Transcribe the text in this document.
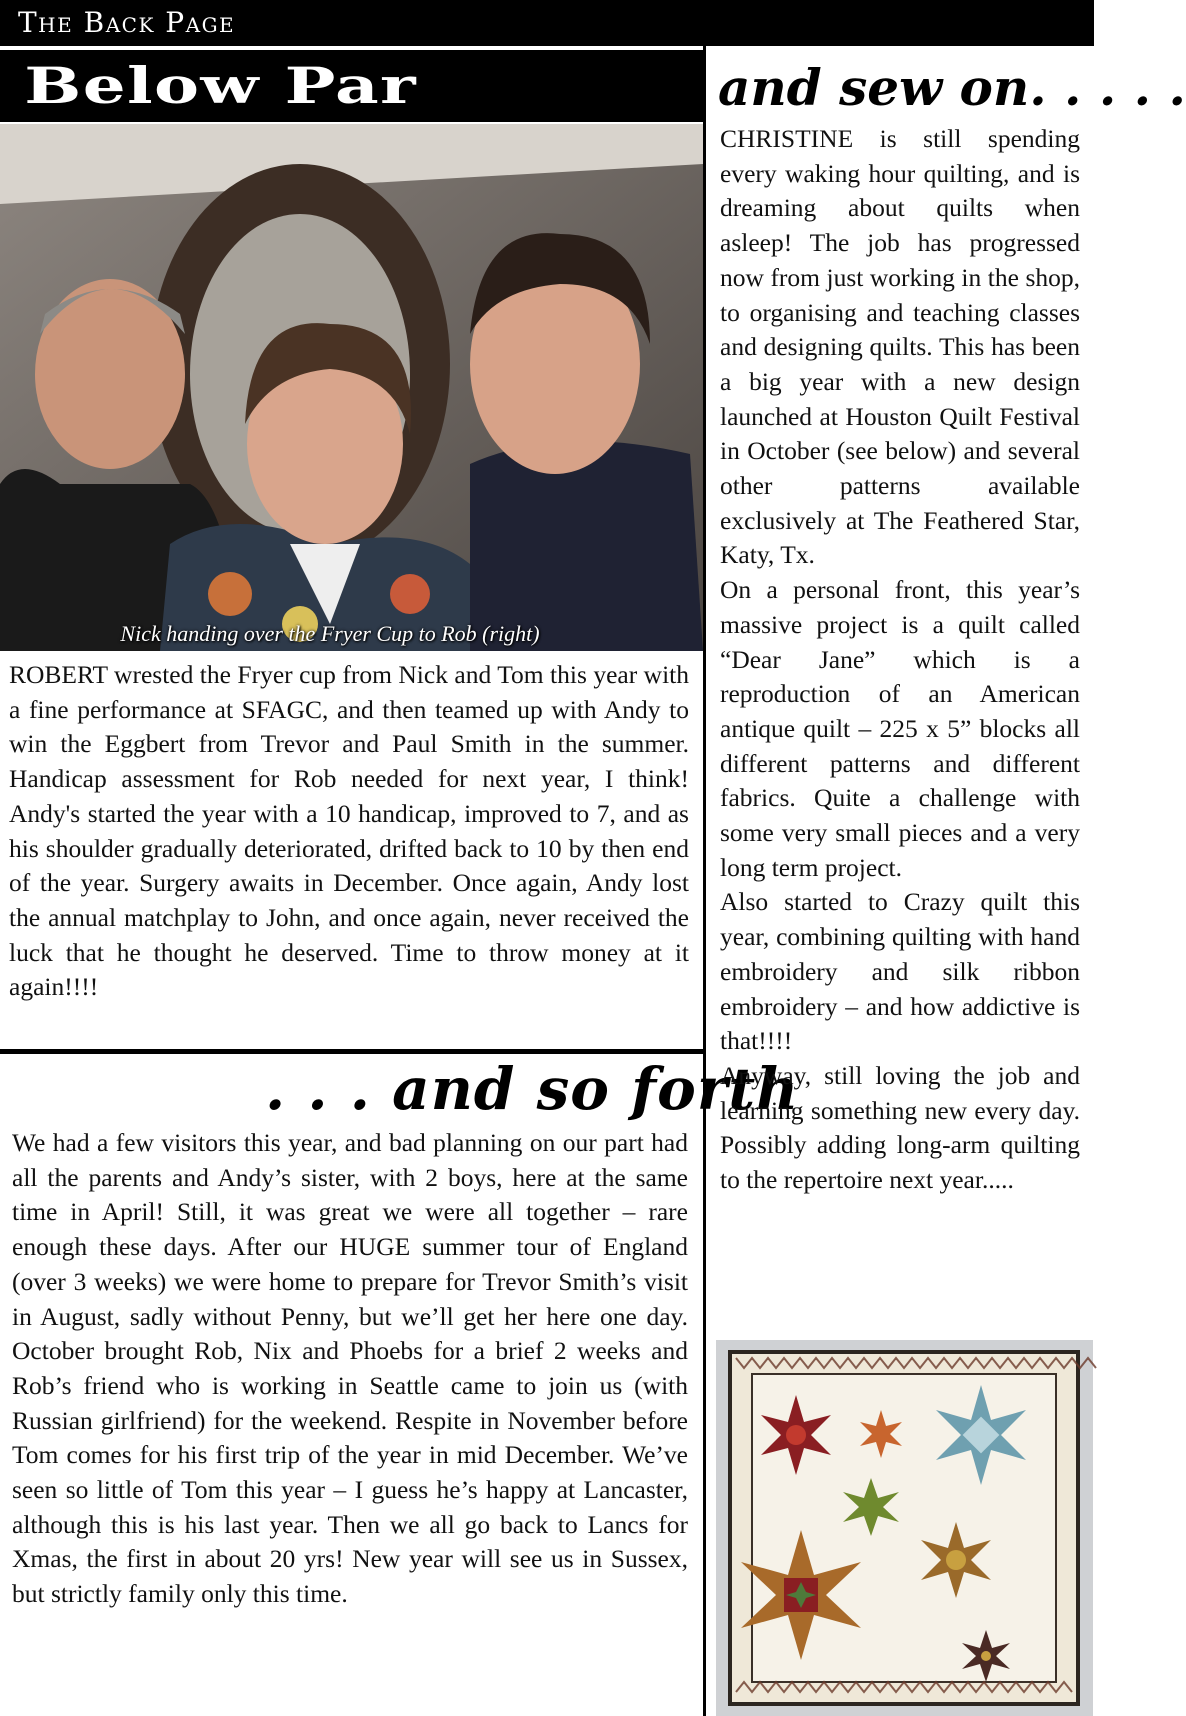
The Back Page
Below Par
Nick handing over the Fryer Cup to Rob (right)

ROBERT wrested the Fryer cup from Nick and Tom this year with a fine performance at SFAGC, and then teamed up with Andy to win the Eggbert from Trevor and Paul Smith in the summer. Handicap assessment for Rob needed for next year, I think! Andy's started the year with a 10 handicap, improved to 7, and as his shoulder gradually deteriorated, drifted back to 10 by then end of the year. Surgery awaits in December. Once again, Andy lost the annual matchplay to John, and once again, never received the luck that he thought he deserved. Time to throw money at it again!!!!

. . . and so forth

We had a few visitors this year, and bad planning on our part had all the parents and Andy’s sister, with 2 boys, here at the same time in April! Still, it was great we were all together – rare enough these days. After our HUGE summer tour of England (over 3 weeks) we were home to prepare for Trevor Smith’s visit in August, sadly without Penny, but we’ll get her here one day. October brought Rob, Nix and Phoebs for a brief 2 weeks and Rob’s friend who is working in Seattle came to join us (with Russian girlfriend) for the weekend. Respite in November before Tom comes for his first trip of the year in mid December. We’ve seen so little of Tom this year – I guess he’s happy at Lancaster, although this is his last year. Then we all go back to Lancs for Xmas, the first in about 20 yrs! New year will see us in Sussex, but strictly family only this time.

and sew on. . . . .
CHRISTINE is still spending every waking hour quilting, and is dreaming about quilts when asleep! The job has progressed now from just working in the shop, to organising and teaching classes and designing quilts. This has been a big year with a new design launched at Houston Quilt Festival in October (see below) and several other patterns available exclusively at The Feathered Star, Katy, Tx.
On a personal front, this year’s massive project is a quilt called “Dear Jane” which is a reproduction of an American antique quilt – 225 x 5” blocks all different patterns and different fabrics. Quite a challenge with some very small pieces and a very long term project.
Also started to Crazy quilt this year, combining quilting with hand embroidery and silk ribbon embroidery – and how addictive is that!!!!
Anyway, still loving the job and learning something new every day. Possibly adding long-arm quilting to the repertoire next year.....
